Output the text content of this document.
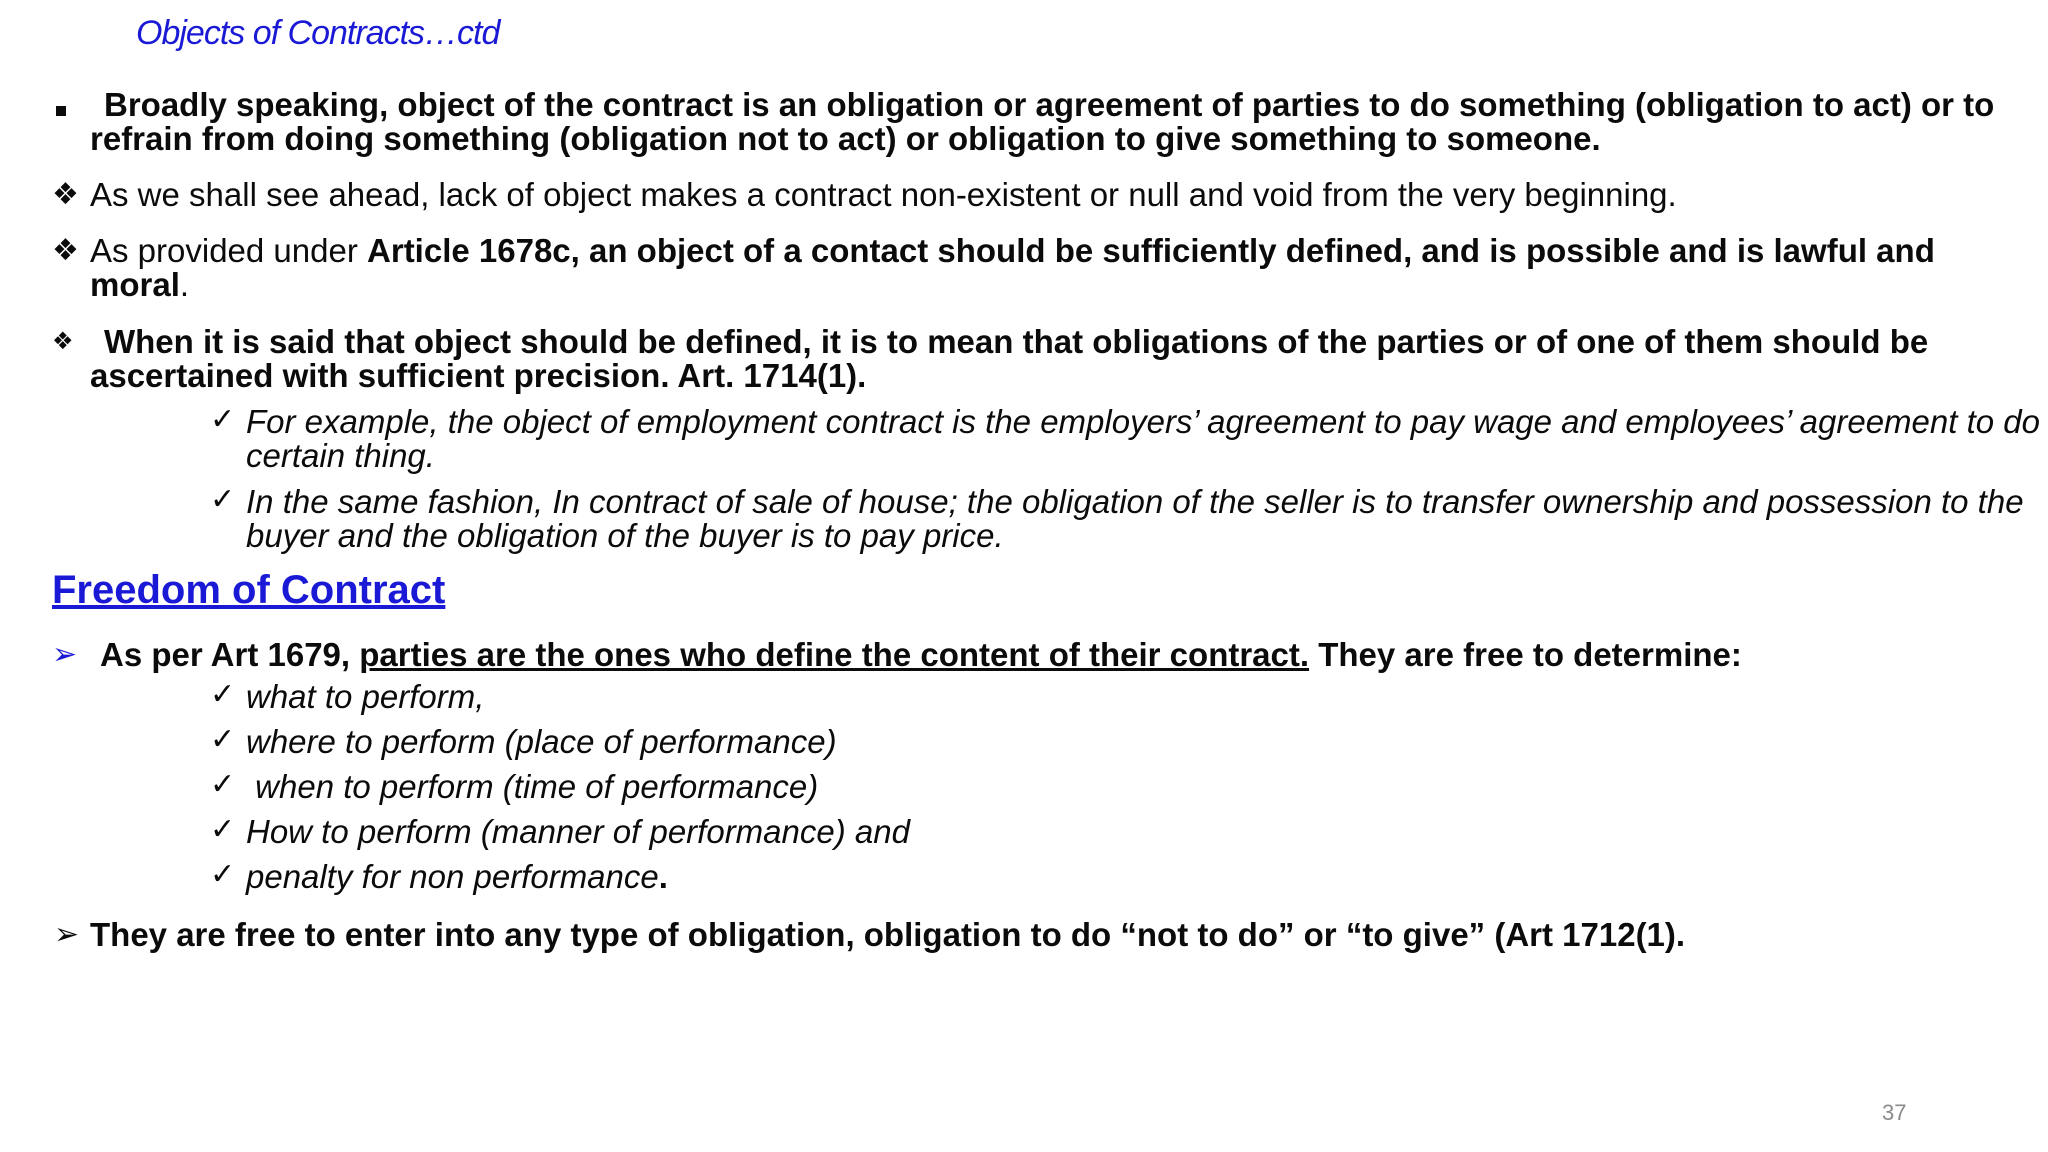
Objects of Contracts…ctd
Broadly speaking, object of the contract is an obligation or agreement of parties to do something (obligation to act) or to refrain from doing something (obligation not to act) or obligation to give something to someone.
❖ As we shall see ahead, lack of object makes a contract non-existent or null and void from the very beginning.
❖ As provided under Article 1678c, an object of a contact should be sufficiently defined, and is possible and is lawful and moral.
❖ When it is said that object should be defined, it is to mean that obligations of the parties or of one of them should be ascertained with sufficient precision. Art. 1714(1).
✓ For example, the object of employment contract is the employers’ agreement to pay wage and employees’ agreement to do certain thing.
✓ In the same fashion, In contract of sale of house; the obligation of the seller is to transfer ownership and possession to the buyer and the obligation of the buyer is to pay price.
Freedom of Contract
➢ As per Art 1679, parties are the ones who define the content of their contract. They are free to determine:
✓ what to perform,
✓ where to perform (place of performance)
✓ when to perform (time of performance)
✓ How to perform (manner of performance) and
✓ penalty for non performance.
➢ They are free to enter into any type of obligation, obligation to do “not to do” or “to give” (Art 1712(1).
37
